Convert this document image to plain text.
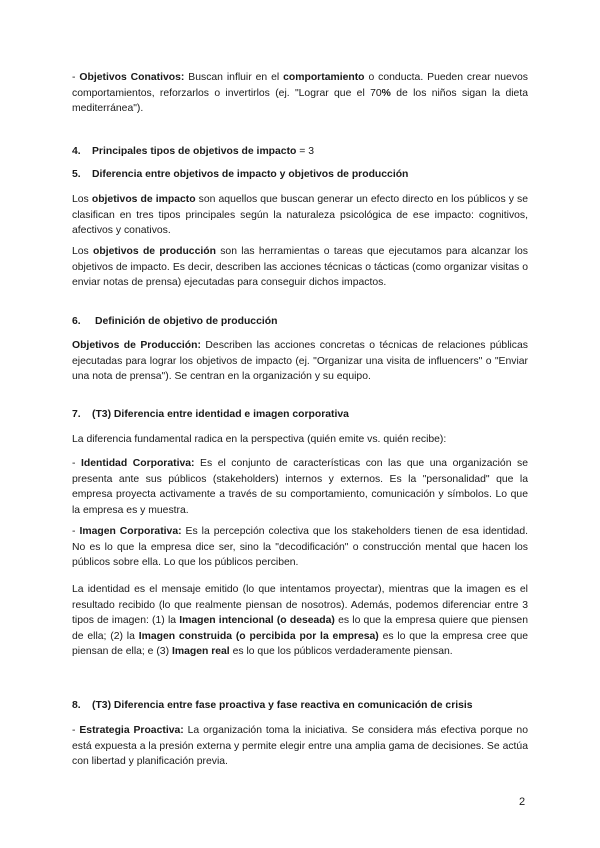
- Objetivos Conativos: Buscan influir en el comportamiento o conducta. Pueden crear nuevos comportamientos, reforzarlos o invertirlos (ej. "Lograr que el 70% de los niños sigan la dieta mediterránea").

4. Principales tipos de objetivos de impacto = 3
5. Diferencia entre objetivos de impacto y objetivos de producción

Los objetivos de impacto son aquellos que buscan generar un efecto directo en los públicos y se clasifican en tres tipos principales según la naturaleza psicológica de ese impacto: cognitivos, afectivos y conativos.

Los objetivos de producción son las herramientas o tareas que ejecutamos para alcanzar los objetivos de impacto. Es decir, describen las acciones técnicas o tácticas (como organizar visitas o enviar notas de prensa) ejecutadas para conseguir dichos impactos.

6. Definición de objetivo de producción

Objetivos de Producción: Describen las acciones concretas o técnicas de relaciones públicas ejecutadas para lograr los objetivos de impacto (ej. "Organizar una visita de influencers" o "Enviar una nota de prensa"). Se centran en la organización y su equipo.

7. (T3) Diferencia entre identidad e imagen corporativa

La diferencia fundamental radica en la perspectiva (quién emite vs. quién recibe):

- Identidad Corporativa: Es el conjunto de características con las que una organización se presenta ante sus públicos (stakeholders) internos y externos. Es la "personalidad" que la empresa proyecta activamente a través de su comportamiento, comunicación y símbolos. Lo que la empresa es y muestra.

- Imagen Corporativa: Es la percepción colectiva que los stakeholders tienen de esa identidad. No es lo que la empresa dice ser, sino la "decodificación" o construcción mental que hacen los públicos sobre ella. Lo que los públicos perciben.

La identidad es el mensaje emitido (lo que intentamos proyectar), mientras que la imagen es el resultado recibido (lo que realmente piensan de nosotros). Además, podemos diferenciar entre 3 tipos de imagen: (1) la Imagen intencional (o deseada) es lo que la empresa quiere que piensen de ella; (2) la Imagen construida (o percibida por la empresa) es lo que la empresa cree que piensan de ella; e (3) Imagen real es lo que los públicos verdaderamente piensan.

8. (T3) Diferencia entre fase proactiva y fase reactiva en comunicación de crisis

- Estrategia Proactiva: La organización toma la iniciativa. Se considera más efectiva porque no está expuesta a la presión externa y permite elegir entre una amplia gama de decisiones. Se actúa con libertad y planificación previa.

2
